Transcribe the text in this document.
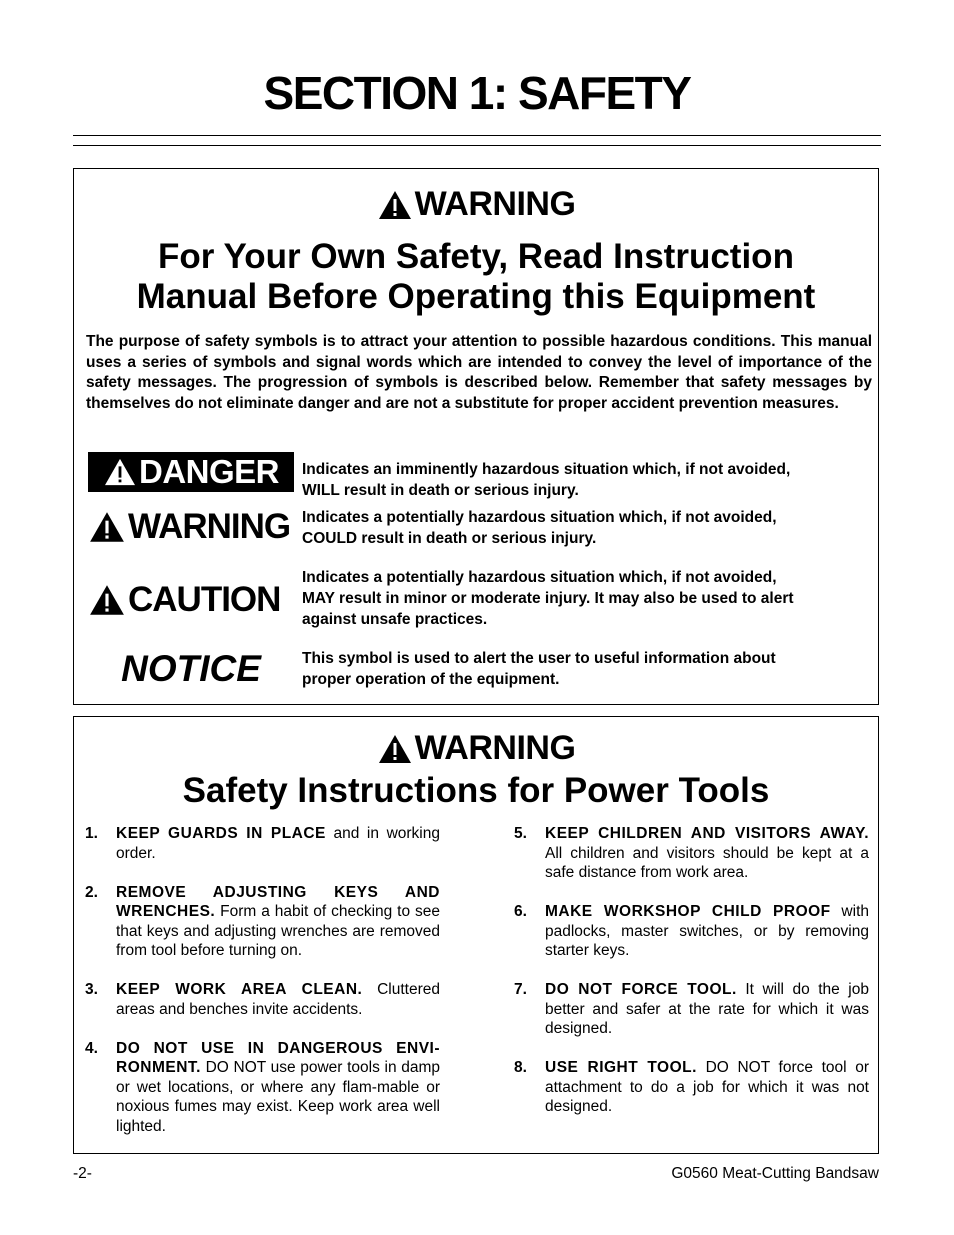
SECTION 1: SAFETY
WARNING
For Your Own Safety, Read Instruction
Manual Before Operating this Equipment

The purpose of safety symbols is to attract your attention to possible hazardous conditions. This manual uses a series of symbols and signal words which are intended to convey the level of importance of the safety messages. The progression of symbols is described below. Remember that safety messages by themselves do not eliminate danger and are not a substitute for proper accident prevention measures.

DANGER Indicates an imminently hazardous situation which, if not avoided,
WILL result in death or serious injury.
WARNING Indicates a potentially hazardous situation which, if not avoided,
COULD result in death or serious injury.
CAUTION
Indicates a potentially hazardous situation which, if not avoided,
MAY result in minor or moderate injury. It may also be used to alert
against unsafe practices.
NOTICE	This symbol is used to alert the user to useful information about
proper operation of the equipment.
WARNING
Safety Instructions for Power Tools
1. KEEP GUARDS IN PLACE and in working order.
2. REMOVE ADJUSTING KEYS AND WRENCHES. Form a habit of checking to see that keys and adjusting wrenches are removed from tool before turning on.
3. KEEP WORK AREA CLEAN. Cluttered areas and benches invite accidents.
4. DO NOT USE IN DANGEROUS ENVI-RONMENT. DO NOT use power tools in damp or wet locations, or where any flam-mable or noxious fumes may exist. Keep work area well lighted.
5. KEEP CHILDREN AND VISITORS AWAY. All children and visitors should be kept at a safe distance from work area.
6. MAKE WORKSHOP CHILD PROOF with padlocks, master switches, or by removing starter keys.
7. DO NOT FORCE TOOL. It will do the job better and safer at the rate for which it was designed.
8. USE RIGHT TOOL. DO NOT force tool or attachment to do a job for which it was not designed.
-2-	G0560 Meat-Cutting Bandsaw
